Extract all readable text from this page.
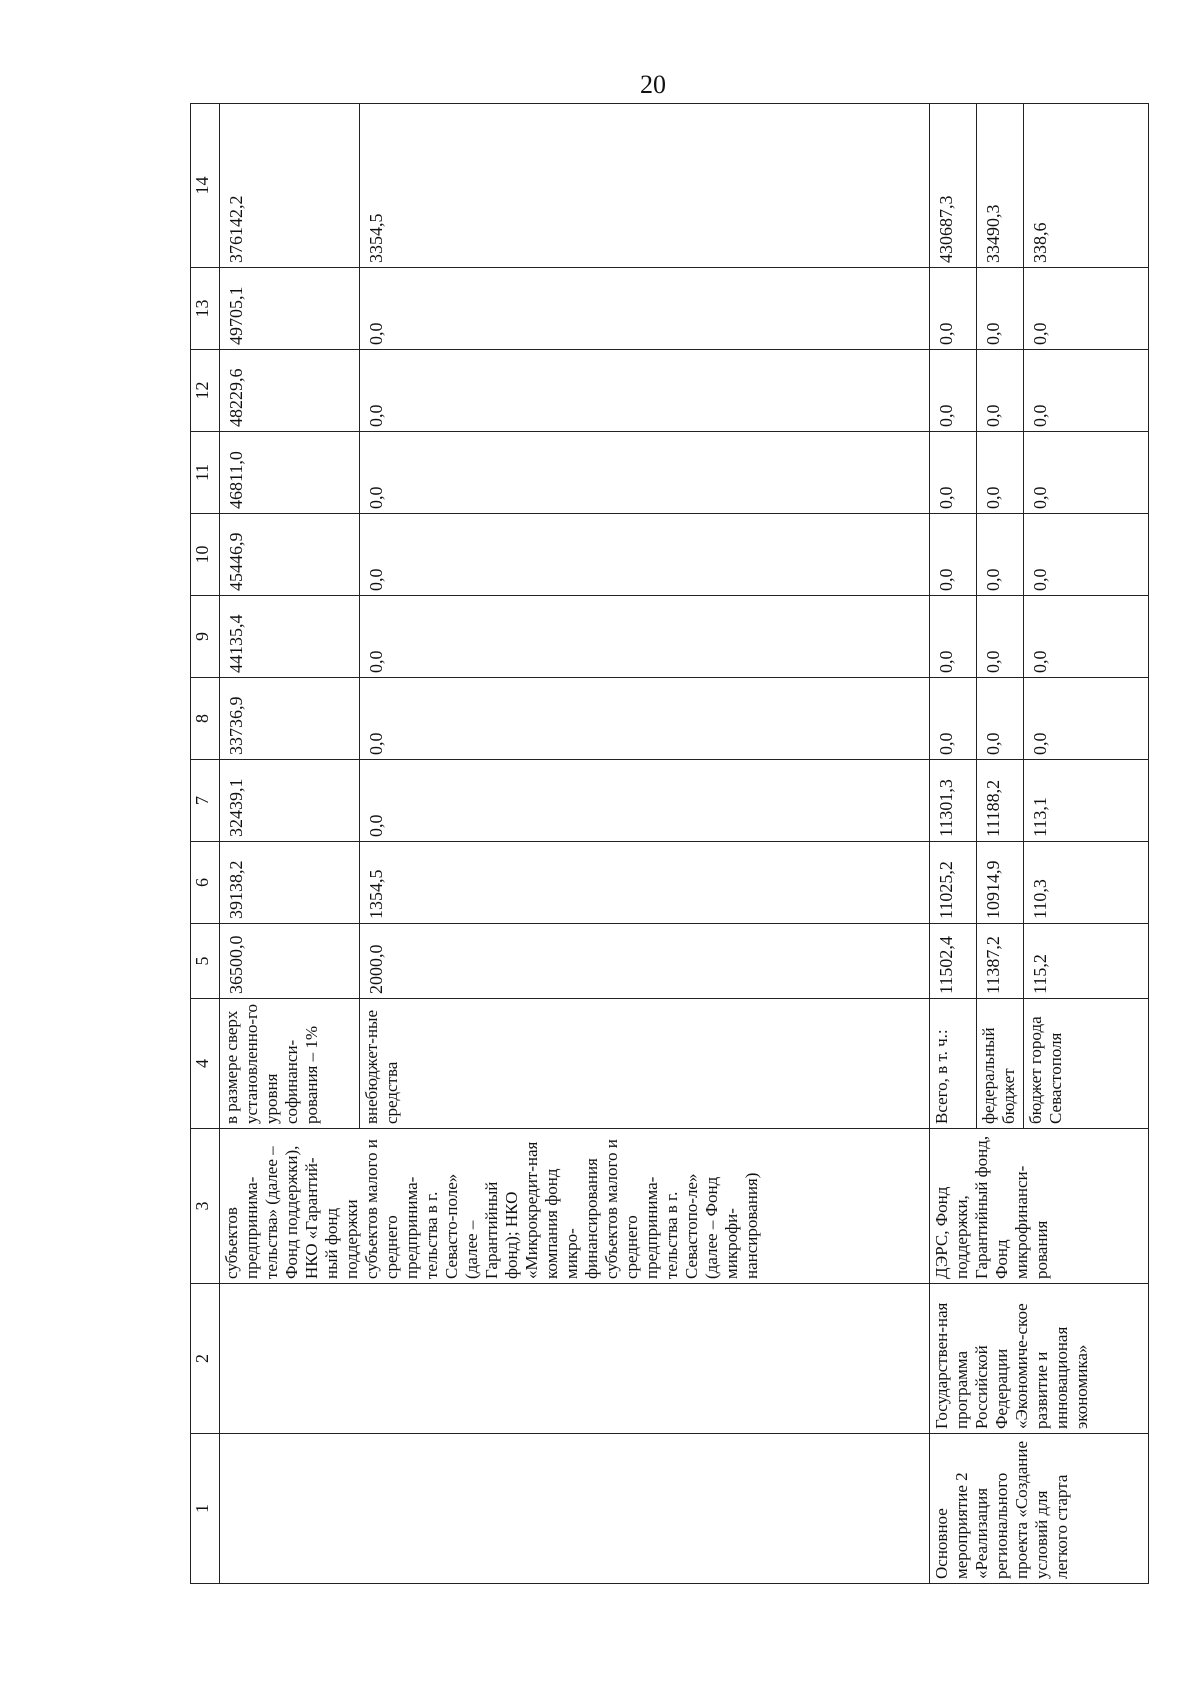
20
1	2	3	4	5	6	7	8	9	10	11	12	13	14
		субъектов предпринима-тельства» (далее – Фонд поддержки), НКО «Гарантий-ный фонд поддержки субъектов малого и среднего предпринима-тельства в г. Севасто-поле» (далее – Гарантийный фонд); НКО «Микрокредит-ная компания фонд микро-финансирования субъектов малого и среднего предпринима-тельства в г. Севастопо-ле» (далее – Фонд микрофи-нансирования)	в размере сверх установленно-го уровня софинанси-рования – 1%	36500,0	39138,2	32439,1	33736,9	44135,4	45446,9	46811,0	48229,6	49705,1	376142,2
			внебюджет-ные средства	2000,0	1354,5	0,0	0,0	0,0	0,0	0,0	0,0	0,0	3354,5
Основное мероприятие 2 «Реализация регионального проекта «Создание условий для легкого старта	Государствен-ная программа Российской Федерации «Экономиче-ское развитие и инновационая экономика»	ДЭРС, Фонд поддержки, Гарантийный фонд, Фонд микрофинанси-рования	Всего, в т. ч.:	11502,4	11025,2	11301,3	0,0	0,0	0,0	0,0	0,0	0,0	430687,3
			федеральный бюджет	11387,2	10914,9	11188,2	0,0	0,0	0,0	0,0	0,0	0,0	33490,3
			бюджет города Севастополя	115,2	110,3	113,1	0,0	0,0	0,0	0,0	0,0	0,0	338,6
